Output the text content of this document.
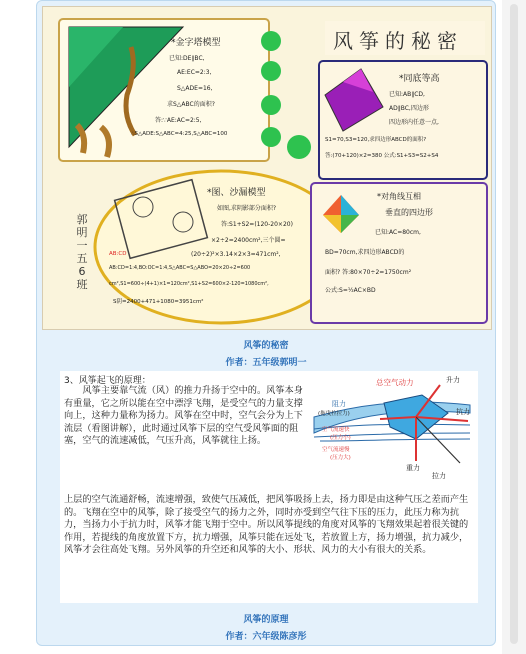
风筝的秘密
*金字塔模型
已知:DE∥BC,
AE:EC=2:3,
S△ADE=16,
求S△ABC的面积?
答:∵AE:AC=2:5,
∴S△ADE:S△ABC=4:25,S△ABC=100
*同底等高
已知:AB∥CD,
AD∥BC,四边形
四边形内任意一点,
S1=70,S3=120,求四边形ABCD的面积?
答:(70+120)×2=380 公式:S1+S3=S2+S4
*图、沙漏模型
如图,求阴影部分面积?
答:S1+S2=(120-20×20)
×2÷2=2400cm²,三个圆=
(20÷2)²×3.14×2×3=471cm²,
AB:CD
AB:CD=1:4,BO:OC=1:4,S△ABC=S△ABO=20×20÷2=600
cm²,S1=600÷(4+1)×1=120cm²,S1+S2=600×2-120=1080cm²,
S阴=2400+471+1080=3951cm²
*对角线互相
垂直的四边形
已知:AC=80cm,
BD=70cm,求四边形ABCD的
面积? 答:80×70÷2=1750cm²
公式:S=½AC×BD
郭
明
一
五
6
班
风筝的秘密
作者：五年级郭明一
3、风筝起飞的原理：
风筝主要靠气流（风）的推力升扬于空中的。风筝本身有重量，它之所以能在空中漂浮飞翔，是受空气的力量支撑向上，这种力量称为扬力。风筝在空中时，空气会分为上下流层（看图讲解），此时通过风筝下层的空气受风筝面的阻塞，空气的流速减低，气压升高，风筝就往上扬。
上层的空气流通舒畅，流速增强，致使气压减低，把风筝吸扬上去，扬力即是由这种气压之差而产生的。飞翔在空中的风筝，除了接受空气的扬力之外，同时亦受到空气往下压的压力，此压力称为抗力，当扬力小于抗力时，风筝才能飞翔于空中。所以风筝提线的角度对风筝的飞翔效果起着很关键的作用，若提线的角度放置下方，抗力增强，风筝只能在远处飞，若放置上方，扬力增强，抗力减少，风筝才会往高处飞翔。另外风筝的升空还和风筝的大小、形状、风力的大小有很大的关系。
总空气动力	升力
阻力
(拖曳拉拉力)
空气流速快
(压力小)
空气流速慢
(压力大)
抗力
重力
拉力
风筝的原理
作者：六年级陈彦彤
